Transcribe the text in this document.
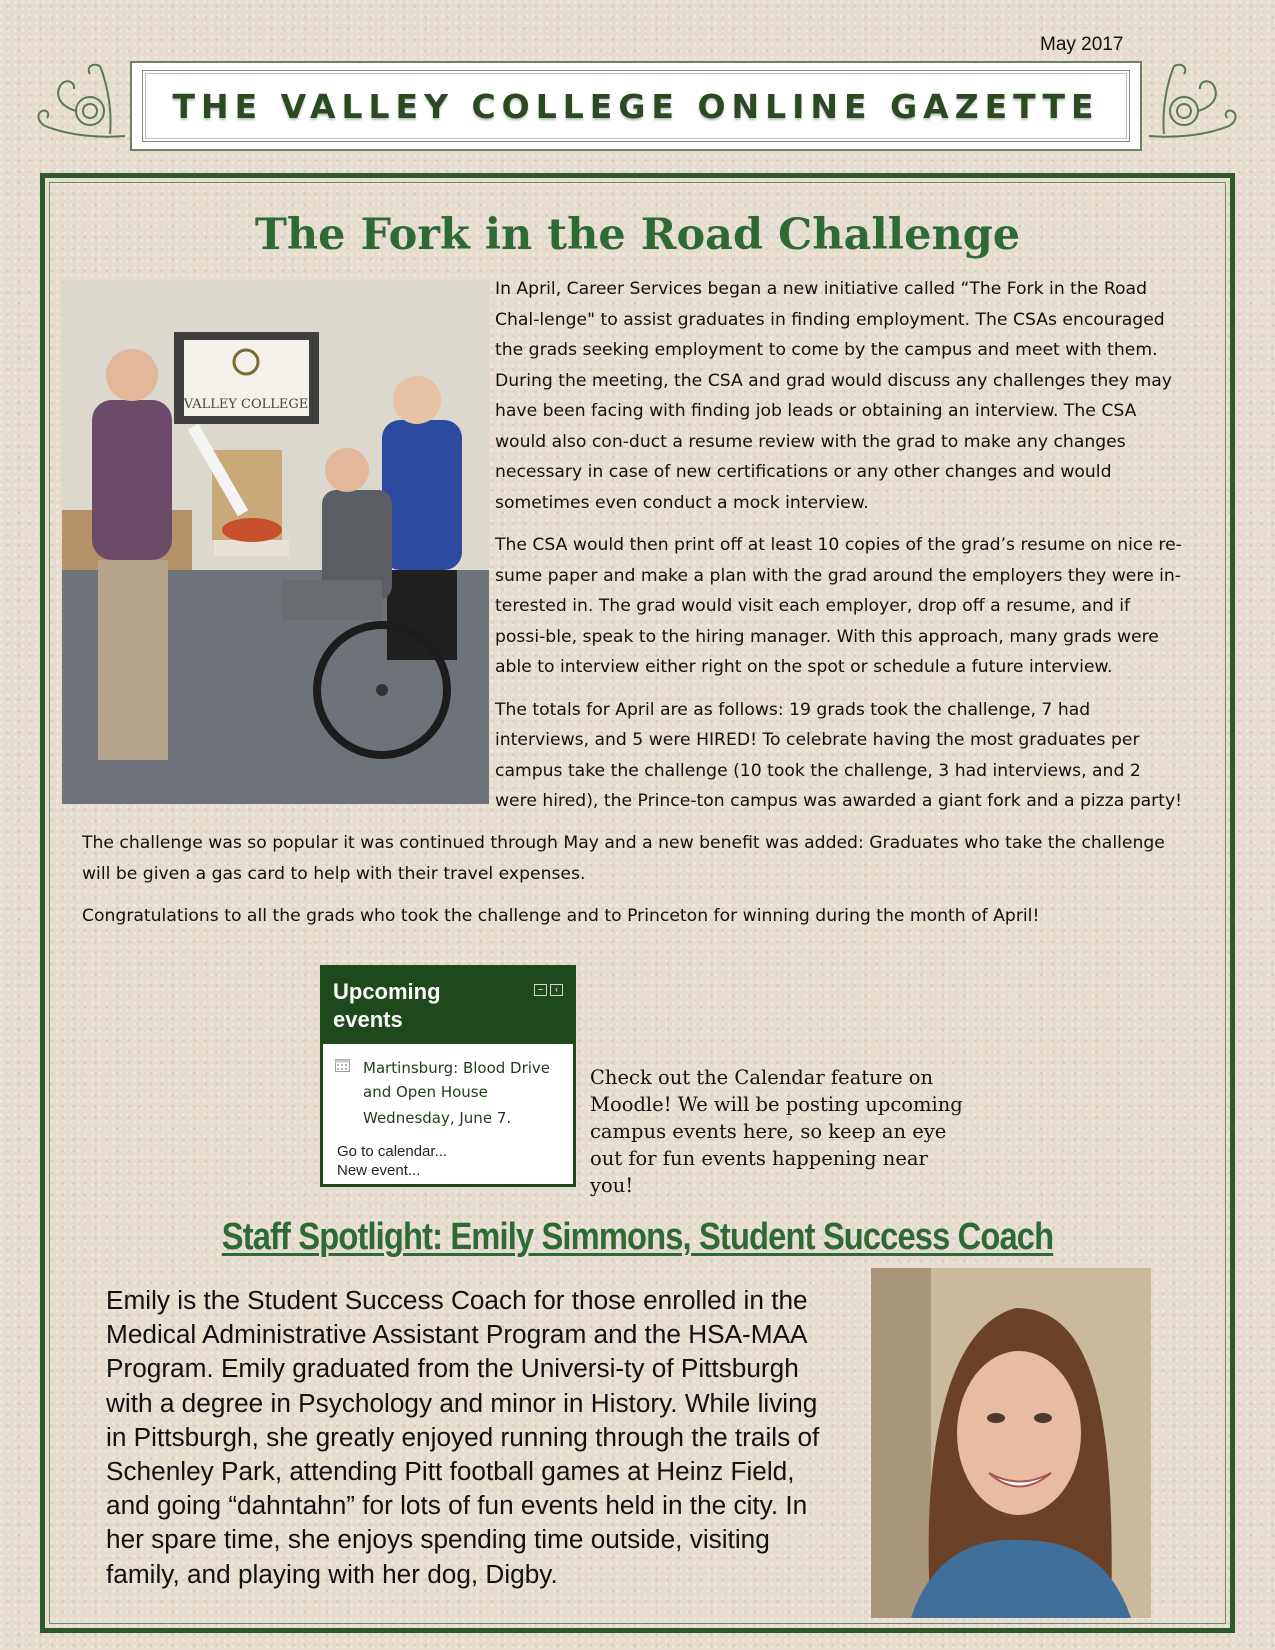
May 2017
THE VALLEY COLLEGE ONLINE GAZETTE
The Fork in the Road Challenge
VALLEY COLLEGE

In April, Career Services began a new initiative called “The Fork in the Road Chal-lenge" to assist graduates in finding employment. The CSAs encouraged the grads seeking employment to come by the campus and meet with them. During the meeting, the CSA and grad would discuss any challenges they may have been facing with finding job leads or obtaining an interview. The CSA would also con-duct a resume review with the grad to make any changes necessary in case of new certifications or any other changes and would sometimes even conduct a mock interview.

The CSA would then print off at least 10 copies of the grad’s resume on nice re-sume paper and make a plan with the grad around the employers they were in-terested in. The grad would visit each employer, drop off a resume, and if possi-ble, speak to the hiring manager. With this approach, many grads were able to interview either right on the spot or schedule a future interview.

The totals for April are as follows: 19 grads took the challenge, 7 had interviews, and 5 were HIRED! To celebrate having the most graduates per campus take the challenge (10 took the challenge, 3 had interviews, and 2 were hired), the Prince-ton campus was awarded a giant fork and a pizza party!

The challenge was so popular it was continued through May and a new benefit was added: Graduates who take the challenge will be given a gas card to help with their travel expenses.

Congratulations to all the grads who took the challenge and to Princeton for winning during the month of April!

Upcoming events
–	‹
Martinsburg: Blood Drive and Open House
Wednesday, June 7.
Go to calendar...
New event...
Check out the Calendar feature on Moodle! We will be posting upcoming campus events here, so keep an eye out for fun events happening near you!
Staff Spotlight: Emily Simmons, Student Success Coach
Emily is the Student Success Coach for those enrolled in the Medical Administrative Assistant Program and the HSA-MAA Program. Emily graduated from the Universi-ty of Pittsburgh with a degree in Psychology and minor in History. While living in Pittsburgh, she greatly enjoyed running through the trails of Schenley Park, attending Pitt football games at Heinz Field, and going “dahntahn” for lots of fun events held in the city. In her spare time, she enjoys spending time outside, visiting family, and playing with her dog, Digby.
